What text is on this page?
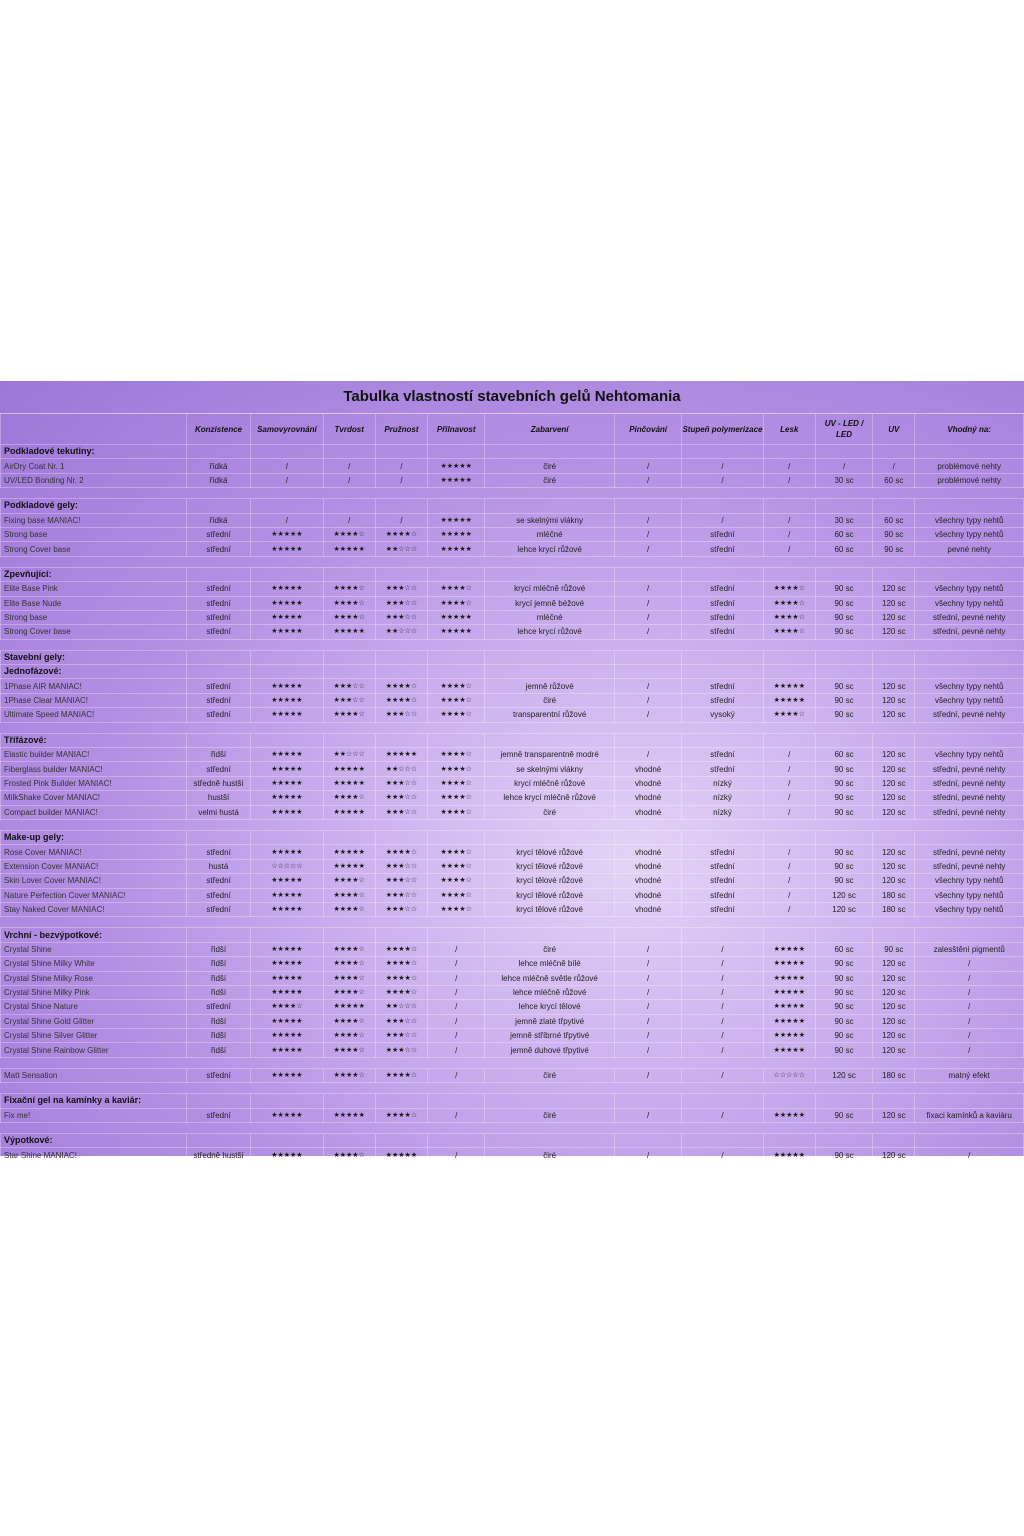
Tabulka vlastností stavebních gelů Nehtomania
	Konzistence	Samovyrovnání	Tvrdost	Pružnost	Přilnavost	Zabarvení	Pinčování	Stupeň polymerizace	Lesk	UV - LED / LED	UV	Vhodný na:
Podkladové tekutiny:												
AirDry Coat Nr. 1	řídká	/	/	/	★★★★★	čiré	/	/	/	/	/	problémové nehty
UV/LED Bonding Nr. 2	řídká	/	/	/	★★★★★	čiré	/	/	/	30 sc	60 sc	problémové nehty

Podkladové gely:												
Fixing base MANIAC!	řídká	/	/	/	★★★★★	se skelnými vlákny	/	/	/	30 sc	60 sc	všechny typy nehtů
Strong base	střední	★★★★★	★★★★☆	★★★★☆	★★★★★	mléčné	/	střední	/	60 sc	90 sc	všechny typy nehtů
Strong Cover base	střední	★★★★★	★★★★★	★★☆☆☆	★★★★★	lehce krycí růžové	/	střední	/	60 sc	90 sc	pevné nehty

Zpevňující:												
Elite Base Pink	střední	★★★★★	★★★★☆	★★★☆☆	★★★★☆	krycí mléčně růžové	/	střední	★★★★☆	90 sc	120 sc	všechny typy nehtů
Elite Base Nude	střední	★★★★★	★★★★☆	★★★☆☆	★★★★☆	krycí jemně béžové	/	střední	★★★★☆	90 sc	120 sc	všechny typy nehtů
Strong base	střední	★★★★★	★★★★☆	★★★☆☆	★★★★★	mléčné	/	střední	★★★★☆	90 sc	120 sc	střední, pevné nehty
Strong Cover base	střední	★★★★★	★★★★★	★★☆☆☆	★★★★★	lehce krycí růžové	/	střední	★★★★☆	90 sc	120 sc	střední, pevné nehty

Stavební gely:												
Jednofázové:												
1Phase AIR MANIAC!	střední	★★★★★	★★★☆☆	★★★★☆	★★★★☆	jemně růžové	/	střední	★★★★★	90 sc	120 sc	všechny typy nehtů
1Phase Clear MANIAC!	střední	★★★★★	★★★☆☆	★★★★☆	★★★★☆	čiré	/	střední	★★★★★	90 sc	120 sc	všechny typy nehtů
Ultimate Speed MANIAC!	střední	★★★★★	★★★★☆	★★★☆☆	★★★★☆	transparentní růžové	/	vysoký	★★★★☆	90 sc	120 sc	střední, pevné nehty

Třífázové:												
Elastic builder MANIAC!	řidší	★★★★★	★★☆☆☆	★★★★★	★★★★☆	jemně transparentně modré	/	střední	/	60 sc	120 sc	všechny typy nehtů
Fiberglass builder MANIAC!	střední	★★★★★	★★★★★	★★☆☆☆	★★★★☆	se skelnými vlákny	vhodné	střední	/	90 sc	120 sc	střední, pevné nehty
Frosted Pink Builder MANIAC!	středně hustší	★★★★★	★★★★★	★★★☆☆	★★★★☆	krycí mléčně růžové	vhodné	nízký	/	90 sc	120 sc	střední, pevné nehty
MilkShake Cover MANIAC!	hustší	★★★★★	★★★★☆	★★★☆☆	★★★★☆	lehce krycí mléčně růžové	vhodné	nízký	/	90 sc	120 sc	střední, pevné nehty
Compact builder MANIAC!	velmi hustá	★★★★★	★★★★★	★★★☆☆	★★★★☆	čiré	vhodné	nízký	/	90 sc	120 sc	střední, pevné nehty

Make-up gely:												
Rose Cover MANIAC!	střední	★★★★★	★★★★★	★★★★☆	★★★★☆	krycí tělové růžové	vhodné	střední	/	90 sc	120 sc	střední, pevné nehty
Extension Cover MANIAC!	hustá	☆☆☆☆☆	★★★★★	★★★☆☆	★★★★☆	krycí tělové růžové	vhodné	střední	/	90 sc	120 sc	střední, pevné nehty
Skin Lover Cover MANIAC!	střední	★★★★★	★★★★☆	★★★☆☆	★★★★☆	krycí tělové růžové	vhodné	střední	/	90 sc	120 sc	všechny typy nehtů
Nature Perfection Cover MANIAC!	střední	★★★★★	★★★★☆	★★★☆☆	★★★★☆	krycí tělové růžové	vhodné	střední	/	120 sc	180 sc	všechny typy nehtů
Stay Naked Cover MANIAC!	střední	★★★★★	★★★★☆	★★★☆☆	★★★★☆	krycí tělové růžové	vhodné	střední	/	120 sc	180 sc	všechny typy nehtů

Vrchní - bezvýpotkové:												
Crystal Shine	řidší	★★★★★	★★★★☆	★★★★☆	/	čiré	/	/	★★★★★	60 sc	90 sc	zalesštění pigmentů
Crystal Shine Milky White	řidší	★★★★★	★★★★☆	★★★★☆	/	lehce mléčně bílé	/	/	★★★★★	90 sc	120 sc	/
Crystal Shine Milky Rose	řidší	★★★★★	★★★★☆	★★★★☆	/	lehce mléčně světle růžové	/	/	★★★★★	90 sc	120 sc	/
Crystal Shine Milky Pink	řidší	★★★★★	★★★★☆	★★★★☆	/	lehce mléčně růžové	/	/	★★★★★	90 sc	120 sc	/
Crystal Shine Nature	střední	★★★★☆	★★★★★	★★☆☆☆	/	lehce krycí tělové	/	/	★★★★★	90 sc	120 sc	/
Crystal Shine Gold Glitter	řidší	★★★★★	★★★★☆	★★★☆☆	/	jemně zlaté třpytivé	/	/	★★★★★	90 sc	120 sc	/
Crystal Shine Silver Glitter	řidší	★★★★★	★★★★☆	★★★☆☆	/	jemně stříbrné třpytivé	/	/	★★★★★	90 sc	120 sc	/
Crystal Shine Rainbow Glitter	řidší	★★★★★	★★★★☆	★★★☆☆	/	jemně duhové třpytivé	/	/	★★★★★	90 sc	120 sc	/

Matt Sensation	střední	★★★★★	★★★★☆	★★★★☆	/	čiré	/	/	☆☆☆☆☆	120 sc	180 sc	matný efekt

Fixační gel na kamínky a kaviár:												
Fix me!	střední	★★★★★	★★★★★	★★★★☆	/	čiré	/	/	★★★★★	90 sc	120 sc	fixaci kamínků a kaviáru

Výpotkové:												
Star Shine MANIAC!	středně hustší	★★★★★	★★★★☆	★★★★★	/	čiré	/	/	★★★★★	90 sc	120 sc	/
